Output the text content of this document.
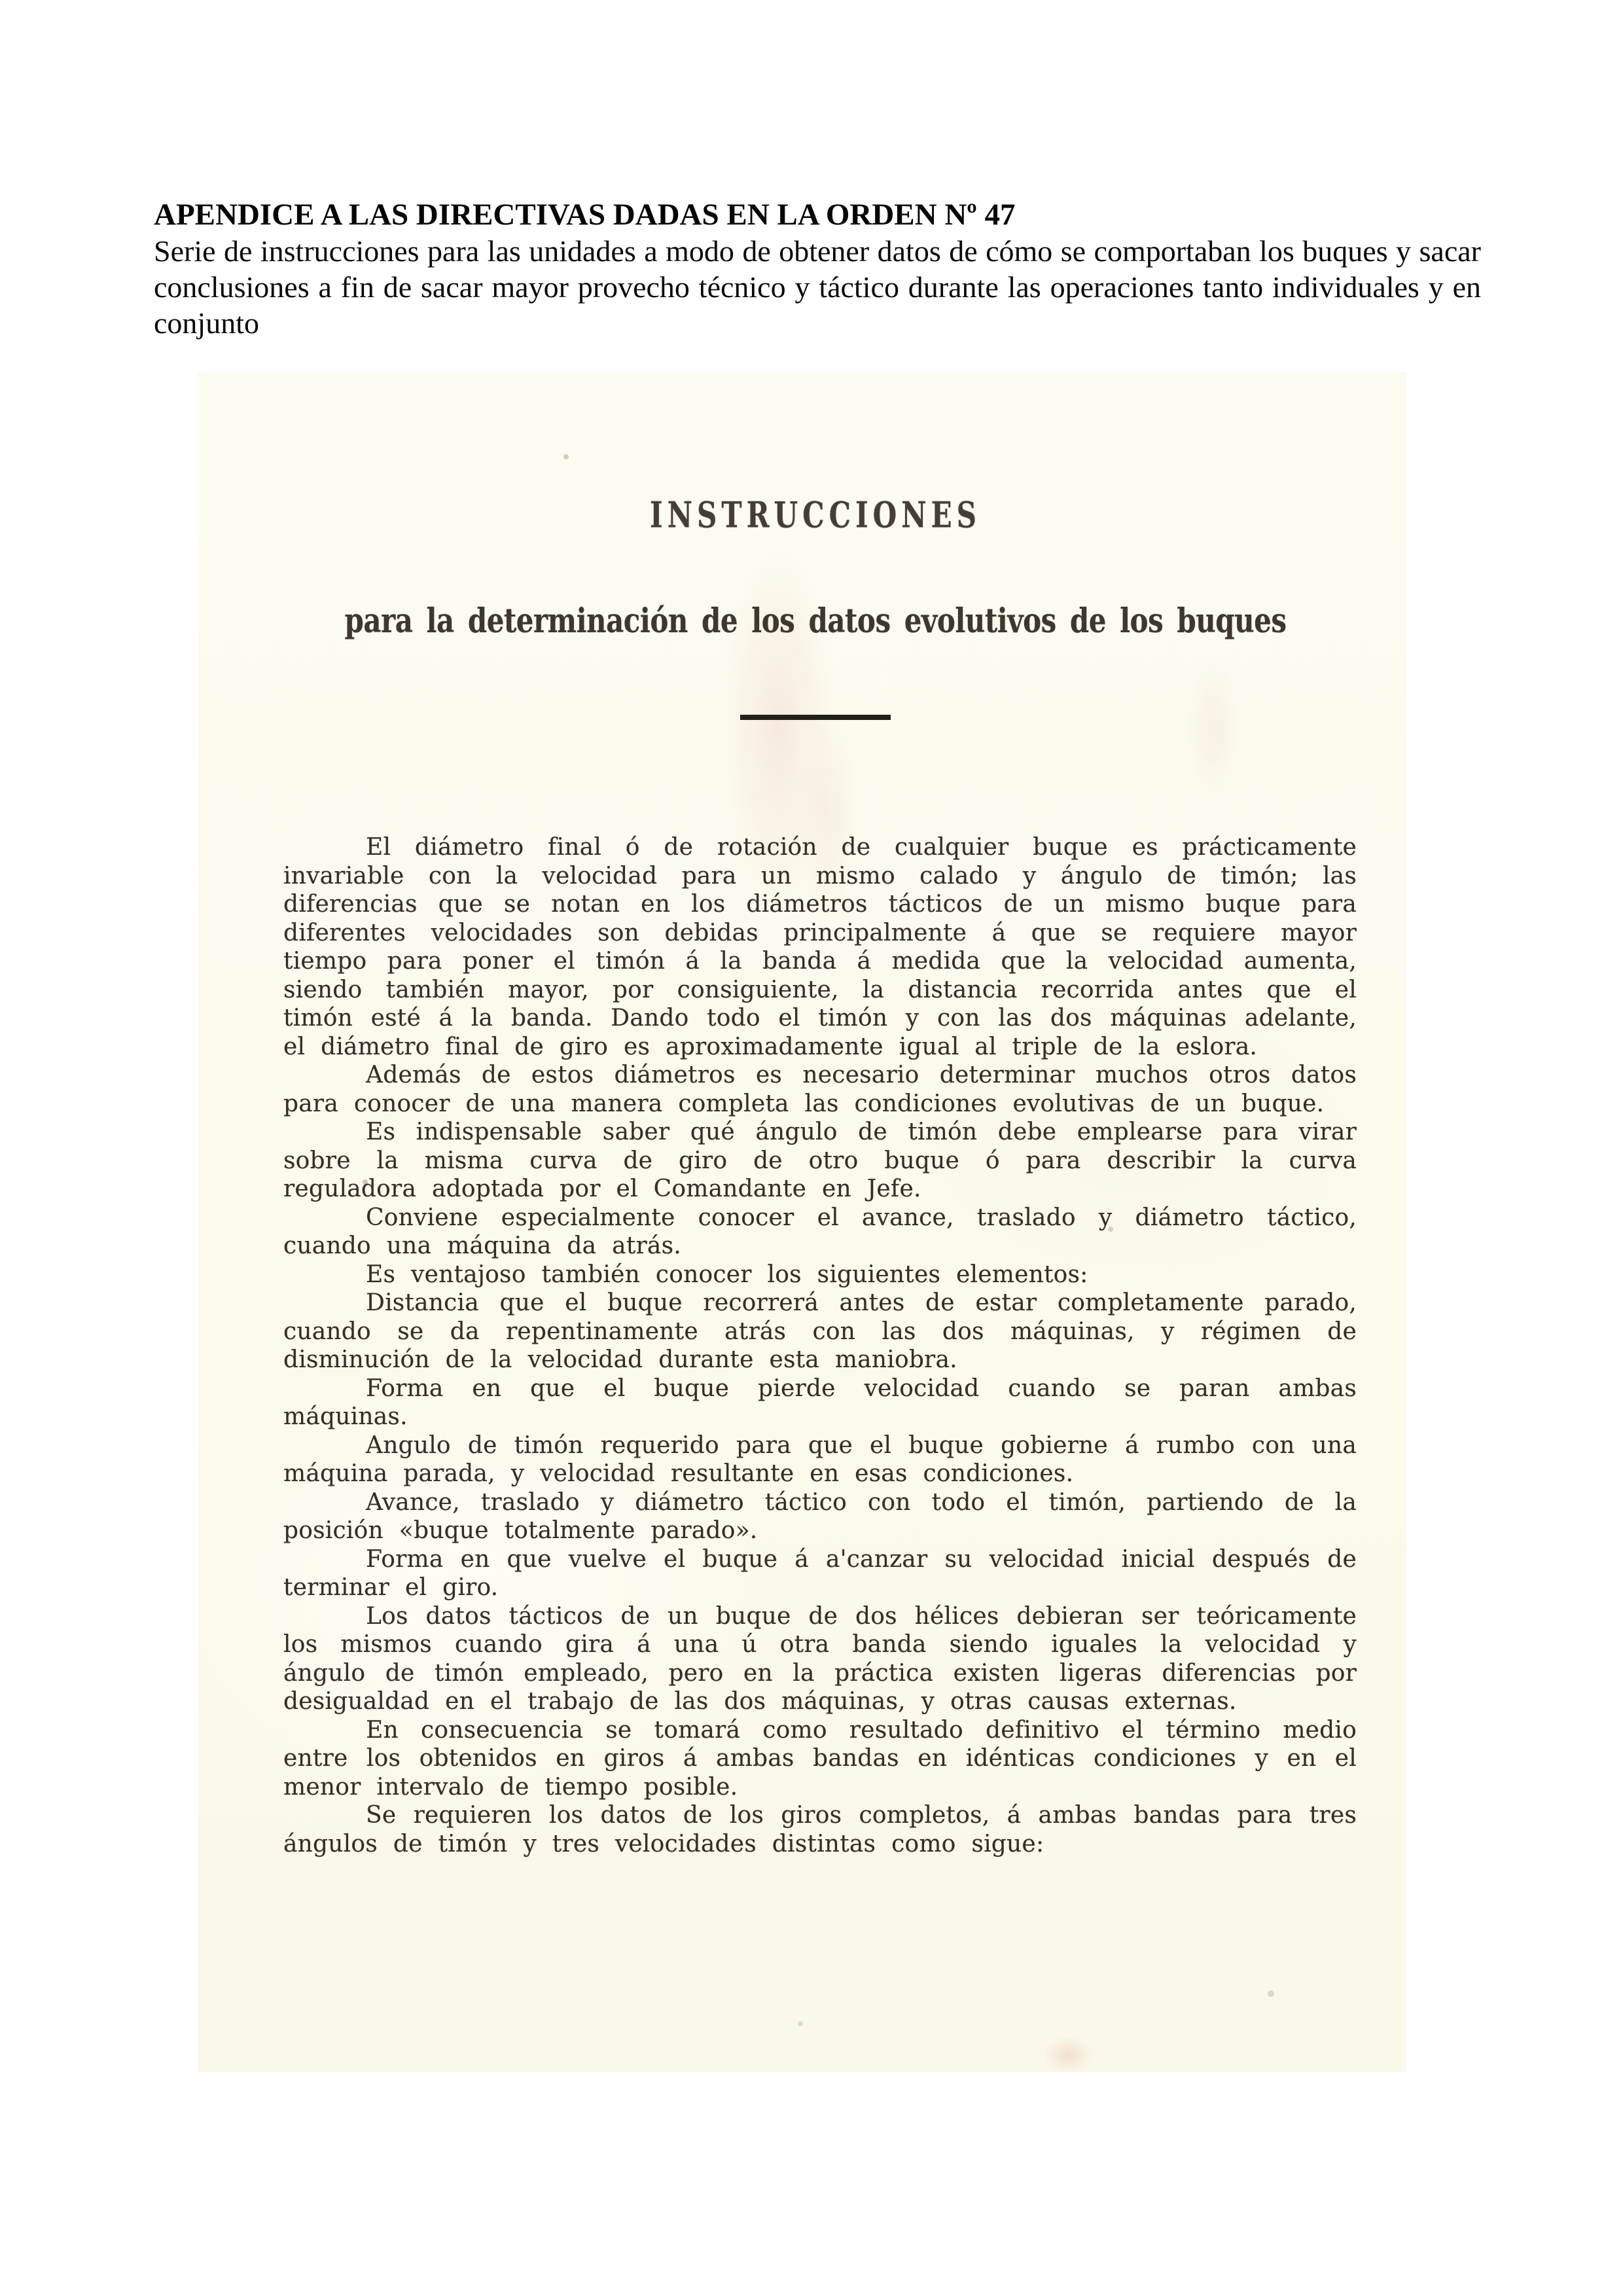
APENDICE A LAS DIRECTIVAS DADAS EN LA ORDEN Nº 47

Serie de instrucciones para las unidades a modo de obtener datos de cómo se comportaban los buques y sacar conclusiones a fin de sacar mayor provecho técnico y táctico durante las operaciones tanto individuales y en conjunto

INSTRUCCIONES
para la determinación de los datos evolutivos de los buques

El diámetro final ó de rotación de cualquier buque es prácticamente invariable con la velocidad para un mismo calado y ángulo de timón; las diferencias que se notan en los diámetros tácticos de un mismo buque para diferentes velocidades son debidas principalmente á que se requiere mayor tiempo para poner el timón á la banda á medida que la velocidad aumenta, siendo también mayor, por consiguiente, la distancia recorrida antes que el timón esté á la banda. Dando todo el timón y con las dos máquinas adelante, el diámetro final de giro es aproximadamente igual al triple de la eslora.

Además de estos diámetros es necesario determinar muchos otros datos para conocer de una manera completa las condiciones evolutivas de un buque.

Es indispensable saber qué ángulo de timón debe emplearse para virar sobre la misma curva de giro de otro buque ó para describir la curva reguladora adoptada por el Comandante en Jefe.

Conviene especialmente conocer el avance, traslado y diámetro táctico, cuando una máquina da atrás.

Es ventajoso también conocer los siguientes elementos:

Distancia que el buque recorrerá antes de estar completamente parado, cuando se da repentinamente atrás con las dos máquinas, y régimen de disminución de la velocidad durante esta maniobra.

Forma en que el buque pierde velocidad cuando se paran ambas máquinas.

Angulo de timón requerido para que el buque gobierne á rumbo con una máquina parada, y velocidad resultante en esas condiciones.

Avance, traslado y diámetro táctico con todo el timón, partiendo de la posición «buque totalmente parado».

Forma en que vuelve el buque á a'canzar su velocidad inicial después de terminar el giro.

Los datos tácticos de un buque de dos hélices debieran ser teóricamente los mismos cuando gira á una ú otra banda siendo iguales la velocidad y ángulo de timón empleado, pero en la práctica existen ligeras diferencias por desigualdad en el trabajo de las dos máquinas, y otras causas externas.

En consecuencia se tomará como resultado definitivo el término medio entre los obtenidos en giros á ambas bandas en idénticas condiciones y en el menor intervalo de tiempo posible.

Se requieren los datos de los giros completos, á ambas bandas para tres ángulos de timón y tres velocidades distintas como sigue:
